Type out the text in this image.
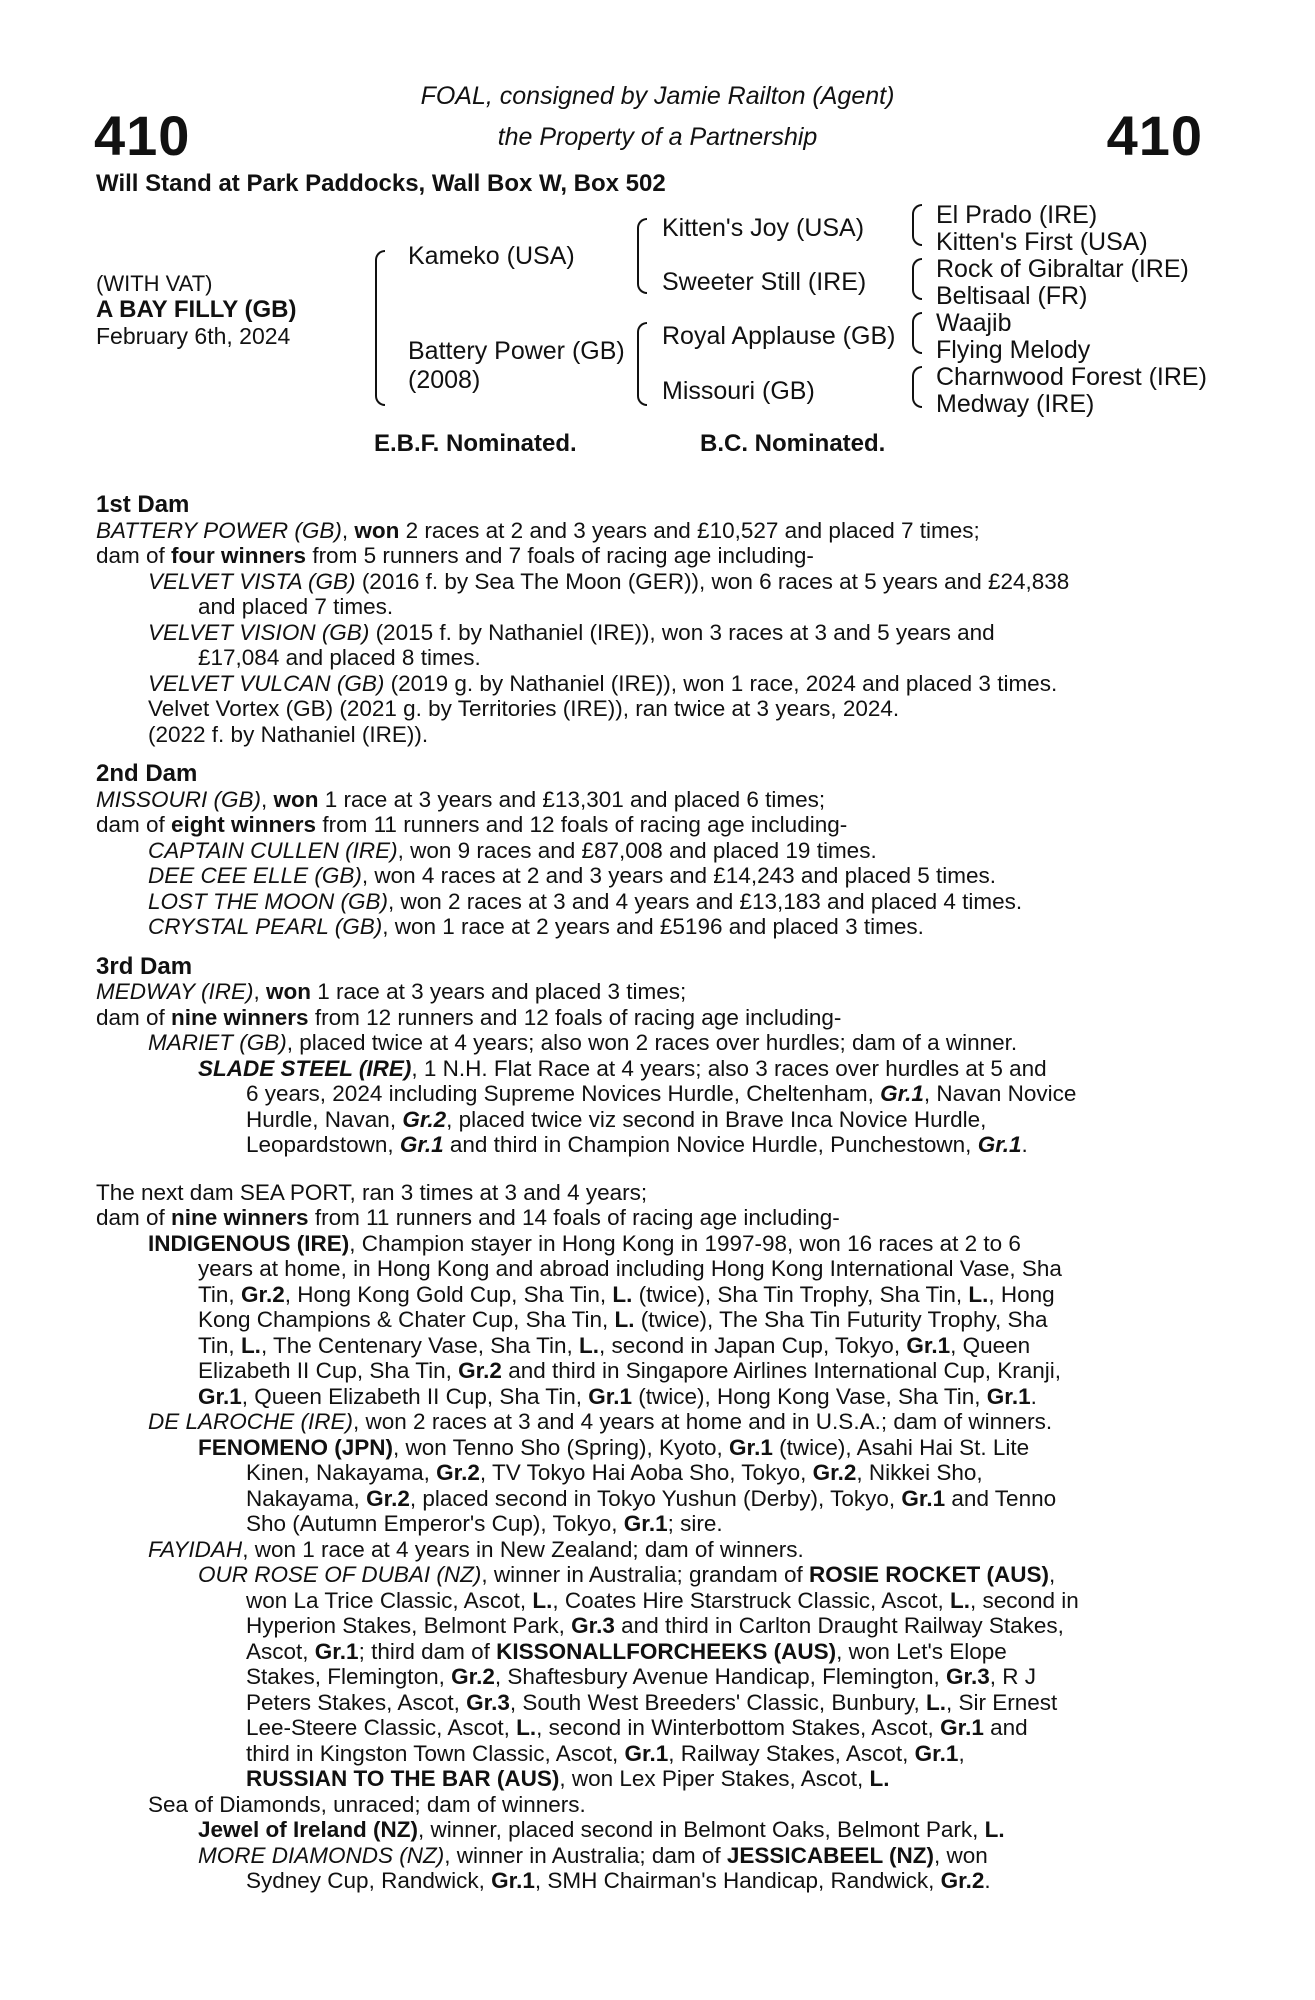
410	410
FOAL, consigned by Jamie Railton (Agent)
the Property of a Partnership
Will Stand at Park Paddocks, Wall Box W, Box 502
(WITH VAT)
A BAY FILLY (GB)
February 6th, 2024
Kameko (USA)
Battery Power (GB)
(2008)
Kitten's Joy (USA)
Sweeter Still (IRE)
Royal Applause (GB)
Missouri (GB)
El Prado (IRE)
Kitten's First (USA)
Rock of Gibraltar (IRE)
Beltisaal (FR)
Waajib
Flying Melody
Charnwood Forest (IRE)
Medway (IRE)
E.B.F. Nominated.	B.C. Nominated.
1st Dam
BATTERY POWER (GB), won 2 races at 2 and 3 years and £10,527 and placed 7 times;
dam of four winners from 5 runners and 7 foals of racing age including-
VELVET VISTA (GB) (2016 f. by Sea The Moon (GER)), won 6 races at 5 years and £24,838
and placed 7 times.
VELVET VISION (GB) (2015 f. by Nathaniel (IRE)), won 3 races at 3 and 5 years and
£17,084 and placed 8 times.
VELVET VULCAN (GB) (2019 g. by Nathaniel (IRE)), won 1 race, 2024 and placed 3 times.
Velvet Vortex (GB) (2021 g. by Territories (IRE)), ran twice at 3 years, 2024.
(2022 f. by Nathaniel (IRE)).
2nd Dam
MISSOURI (GB), won 1 race at 3 years and £13,301 and placed 6 times;
dam of eight winners from 11 runners and 12 foals of racing age including-
CAPTAIN CULLEN (IRE), won 9 races and £87,008 and placed 19 times.
DEE CEE ELLE (GB), won 4 races at 2 and 3 years and £14,243 and placed 5 times.
LOST THE MOON (GB), won 2 races at 3 and 4 years and £13,183 and placed 4 times.
CRYSTAL PEARL (GB), won 1 race at 2 years and £5196 and placed 3 times.
3rd Dam
MEDWAY (IRE), won 1 race at 3 years and placed 3 times;
dam of nine winners from 12 runners and 12 foals of racing age including-
MARIET (GB), placed twice at 4 years; also won 2 races over hurdles; dam of a winner.
SLADE STEEL (IRE), 1 N.H. Flat Race at 4 years; also 3 races over hurdles at 5 and
6 years, 2024 including Supreme Novices Hurdle, Cheltenham, Gr.1, Navan Novice
Hurdle, Navan, Gr.2, placed twice viz second in Brave Inca Novice Hurdle,
Leopardstown, Gr.1 and third in Champion Novice Hurdle, Punchestown, Gr.1.
The next dam SEA PORT, ran 3 times at 3 and 4 years;
dam of nine winners from 11 runners and 14 foals of racing age including-
INDIGENOUS (IRE), Champion stayer in Hong Kong in 1997-98, won 16 races at 2 to 6
years at home, in Hong Kong and abroad including Hong Kong International Vase, Sha
Tin, Gr.2, Hong Kong Gold Cup, Sha Tin, L. (twice), Sha Tin Trophy, Sha Tin, L., Hong
Kong Champions & Chater Cup, Sha Tin, L. (twice), The Sha Tin Futurity Trophy, Sha
Tin, L., The Centenary Vase, Sha Tin, L., second in Japan Cup, Tokyo, Gr.1, Queen
Elizabeth II Cup, Sha Tin, Gr.2 and third in Singapore Airlines International Cup, Kranji,
Gr.1, Queen Elizabeth II Cup, Sha Tin, Gr.1 (twice), Hong Kong Vase, Sha Tin, Gr.1.
DE LAROCHE (IRE), won 2 races at 3 and 4 years at home and in U.S.A.; dam of winners.
FENOMENO (JPN), won Tenno Sho (Spring), Kyoto, Gr.1 (twice), Asahi Hai St. Lite
Kinen, Nakayama, Gr.2, TV Tokyo Hai Aoba Sho, Tokyo, Gr.2, Nikkei Sho,
Nakayama, Gr.2, placed second in Tokyo Yushun (Derby), Tokyo, Gr.1 and Tenno
Sho (Autumn Emperor's Cup), Tokyo, Gr.1; sire.
FAYIDAH, won 1 race at 4 years in New Zealand; dam of winners.
OUR ROSE OF DUBAI (NZ), winner in Australia; grandam of ROSIE ROCKET (AUS),
won La Trice Classic, Ascot, L., Coates Hire Starstruck Classic, Ascot, L., second in
Hyperion Stakes, Belmont Park, Gr.3 and third in Carlton Draught Railway Stakes,
Ascot, Gr.1; third dam of KISSONALLFORCHEEKS (AUS), won Let's Elope
Stakes, Flemington, Gr.2, Shaftesbury Avenue Handicap, Flemington, Gr.3, R J
Peters Stakes, Ascot, Gr.3, South West Breeders' Classic, Bunbury, L., Sir Ernest
Lee-Steere Classic, Ascot, L., second in Winterbottom Stakes, Ascot, Gr.1 and
third in Kingston Town Classic, Ascot, Gr.1, Railway Stakes, Ascot, Gr.1,
RUSSIAN TO THE BAR (AUS), won Lex Piper Stakes, Ascot, L.
Sea of Diamonds, unraced; dam of winners.
Jewel of Ireland (NZ), winner, placed second in Belmont Oaks, Belmont Park, L.
MORE DIAMONDS (NZ), winner in Australia; dam of JESSICABEEL (NZ), won
Sydney Cup, Randwick, Gr.1, SMH Chairman's Handicap, Randwick, Gr.2.
